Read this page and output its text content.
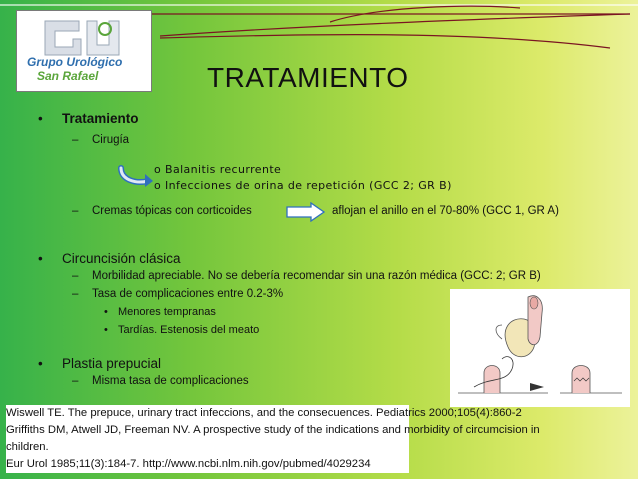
Grupo Urológico
San Rafael	TRATAMIENTO
• Tratamiento
– Cirugía
o Balanitis recurrente
o Infecciones de orina de repetición (GCC 2; GR B)
– Cremas tópicas con corticoides	aflojan el anillo en el 70-80% (GCC 1, GR A)
• Circuncisión clásica
– Morbilidad apreciable. No se debería recomendar sin una razón médica (GCC: 2; GR B)
– Tasa de complicaciones entre 0.2-3%
• Menores tempranas
• Tardías. Estenosis del meato
• Plastia prepucial
– Misma tasa de complicaciones
Wiswell TE. The prepuce, urinary tract infeccions, and the consecuences. Pediatrics 2000;105(4):860-2
Griffiths DM, Atwell JD, Freeman NV. A prospective study of the indications and morbidity of circumcision in
children.
Eur Urol 1985;11(3):184-7. http://www.ncbi.nlm.nih.gov/pubmed/4029234
